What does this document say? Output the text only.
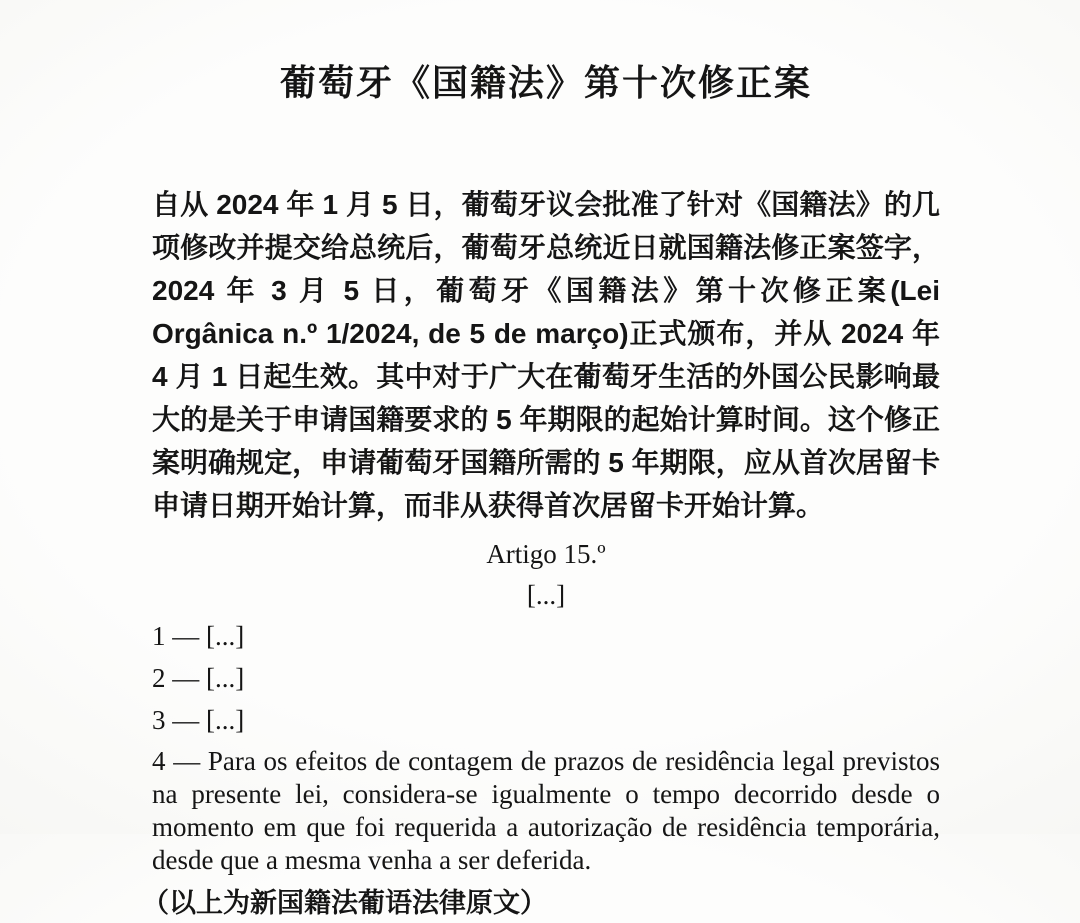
葡萄牙《国籍法》第十次修正案

自从 2024 年 1 月 5 日，葡萄牙议会批准了针对《国籍法》的几项修改并提交给总统后，葡萄牙总统近日就国籍法修正案签字，2024 年 3 月 5 日，葡萄牙《国籍法》第十次修正案(Lei Orgânica n.º 1/2024, de 5 de março)正式颁布，并从 2024 年 4 月 1 日起生效。其中对于广大在葡萄牙生活的外国公民影响最大的是关于申请国籍要求的 5 年期限的起始计算时间。这个修正案明确规定，申请葡萄牙国籍所需的 5 年期限，应从首次居留卡申请日期开始计算，而非从获得首次居留卡开始计算。

Artigo 15.º
[...]
1 — [...]
2 — [...]
3 — [...]

4 — Para os efeitos de contagem de prazos de residência legal previstos na presente lei, considera-se igualmente o tempo decorrido desde o momento em que foi requerida a autorização de residência temporária, desde que a mesma venha a ser deferida.

（以上为新国籍法葡语法律原文）
